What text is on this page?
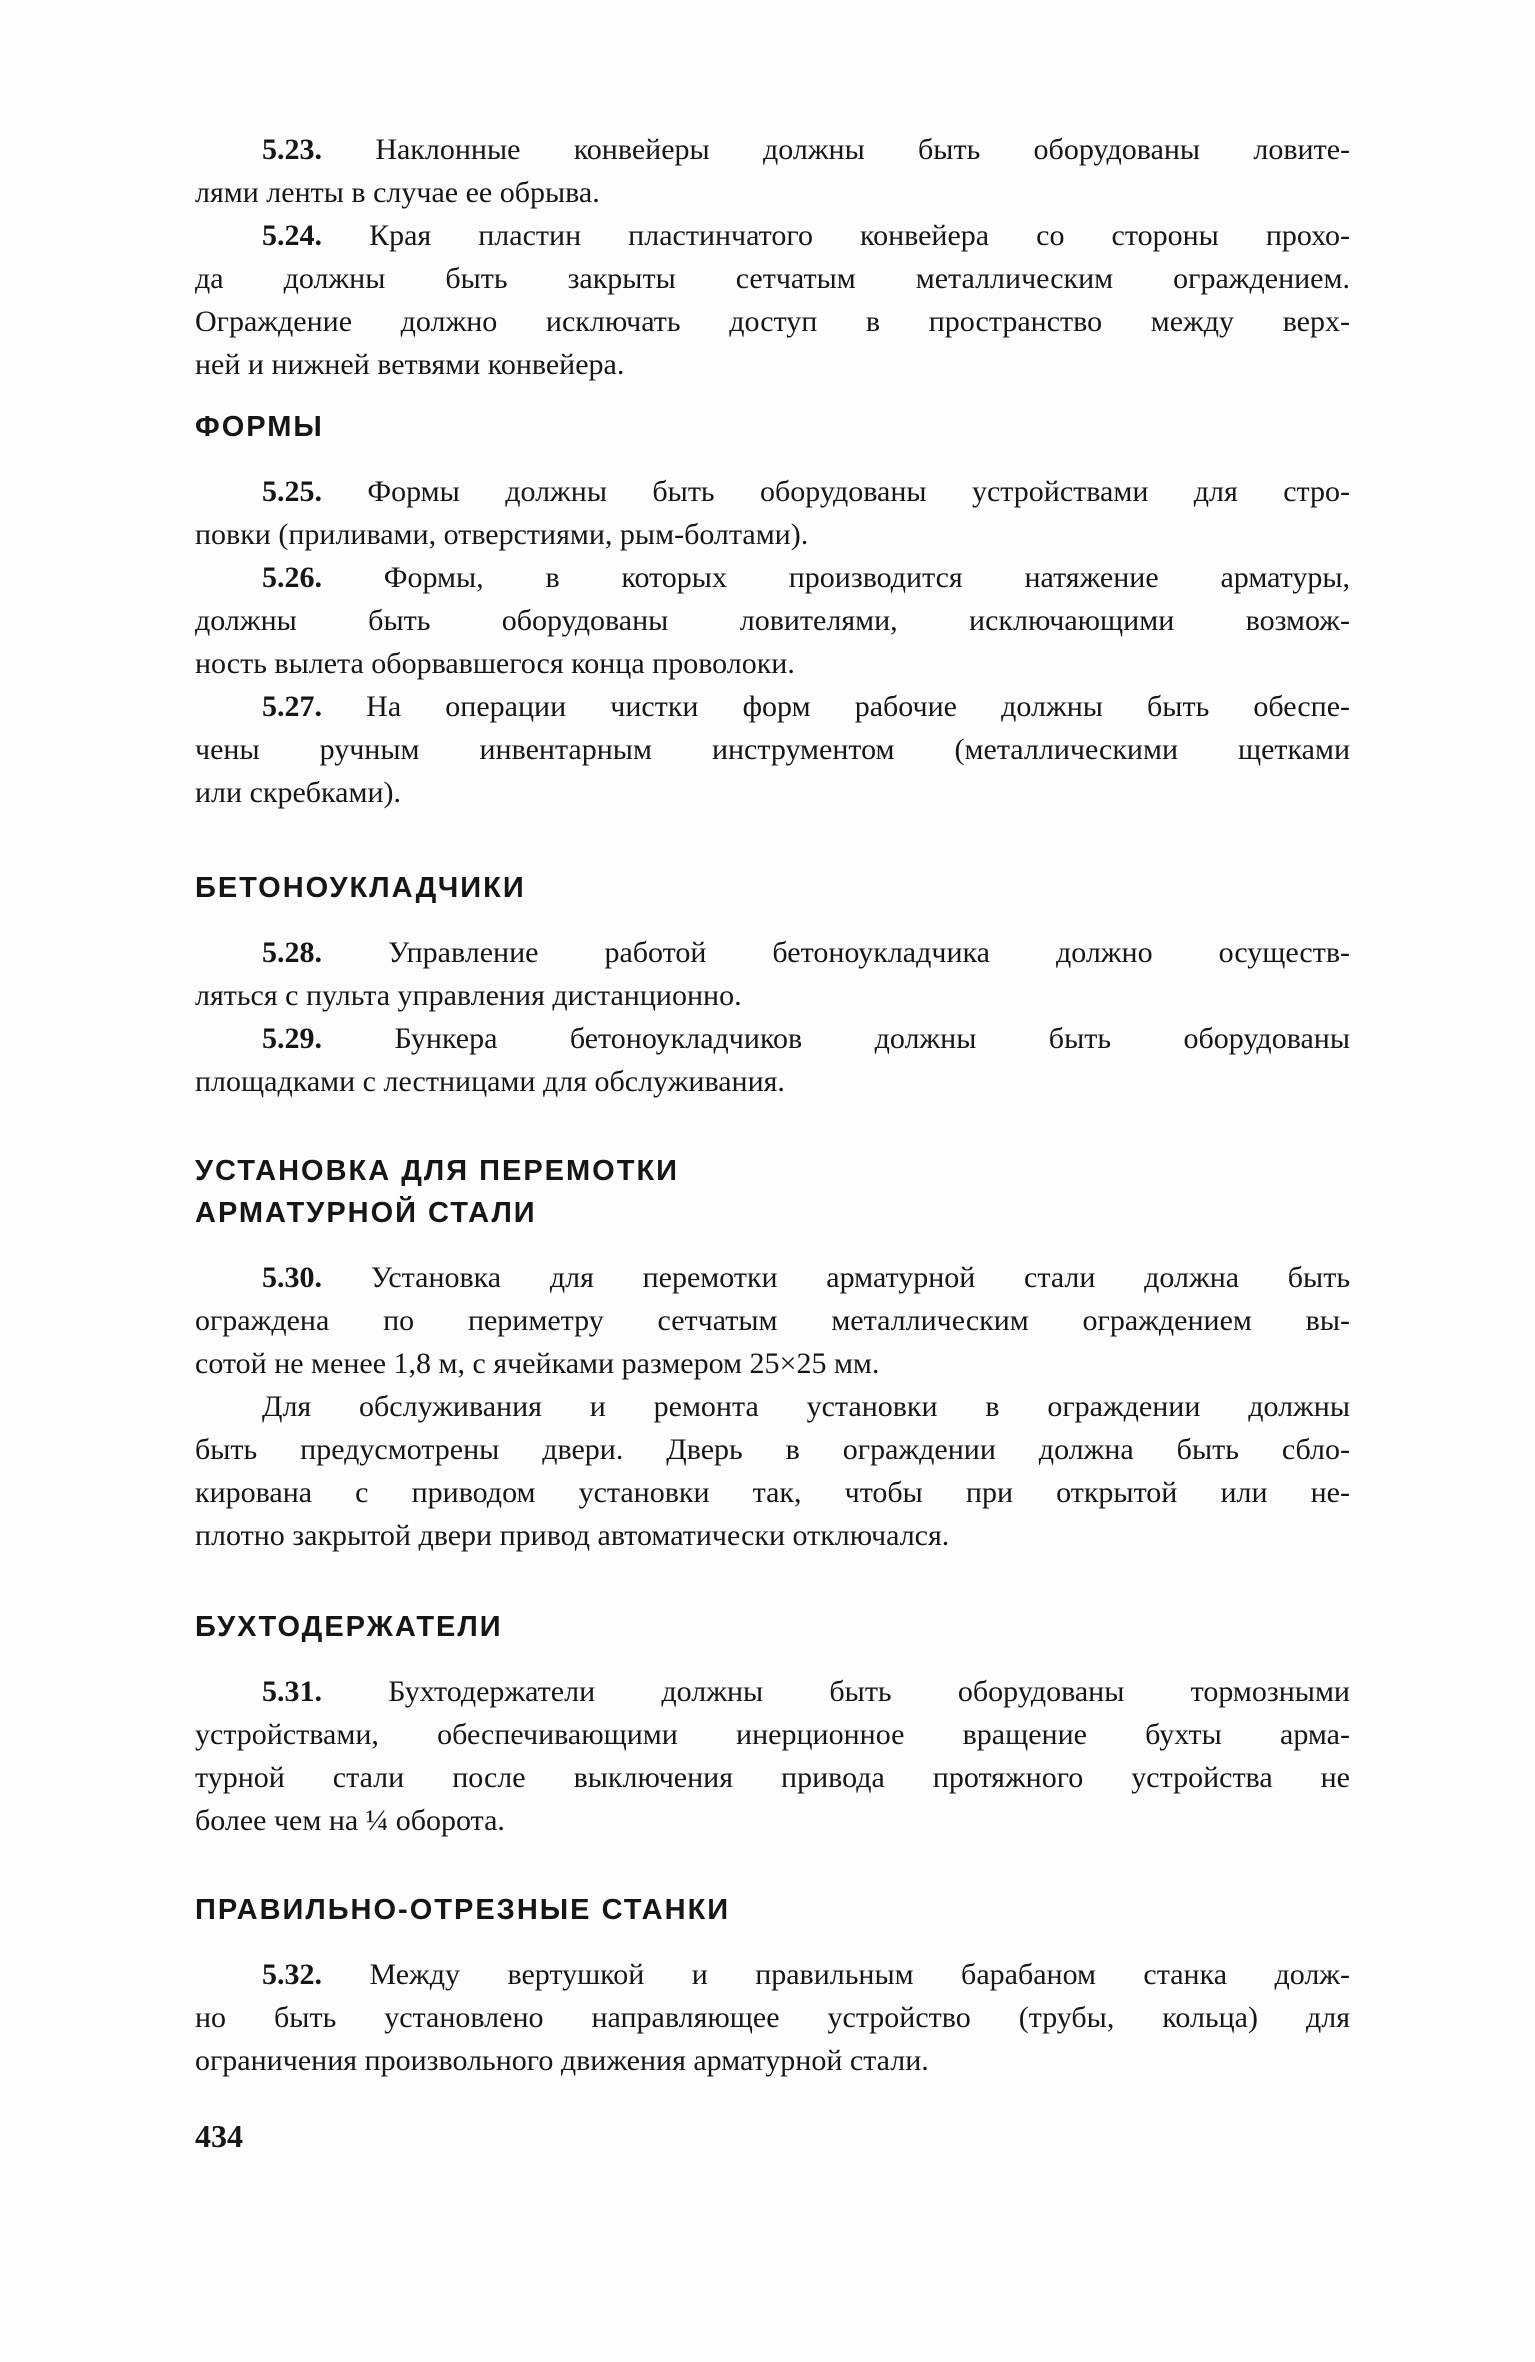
5.23. Наклонные конвейеры должны быть оборудованы ловите-
лями ленты в случае ее обрыва.
5.24. Края пластин пластинчатого конвейера со стороны прохо-
да должны быть закрыты сетчатым металлическим ограждением.
Ограждение должно исключать доступ в пространство между верх-
ней и нижней ветвями конвейера.
ФОРМЫ
5.25. Формы должны быть оборудованы устройствами для стро-
повки (приливами, отверстиями, рым-болтами).
5.26. Формы, в которых производится натяжение арматуры,
должны быть оборудованы ловителями, исключающими возмож-
ность вылета оборвавшегося конца проволоки.
5.27. На операции чистки форм рабочие должны быть обеспе-
чены ручным инвентарным инструментом (металлическими щетками
или скребками).
БЕТОНОУКЛАДЧИКИ
5.28. Управление работой бетоноукладчика должно осуществ-
ляться с пульта управления дистанционно.
5.29. Бункера бетоноукладчиков должны быть оборудованы
площадками с лестницами для обслуживания.
УСТАНОВКА ДЛЯ ПЕРЕМОТКИ
АРМАТУРНОЙ СТАЛИ
5.30. Установка для перемотки арматурной стали должна быть
ограждена по периметру сетчатым металлическим ограждением вы-
сотой не менее 1,8 м, с ячейками размером 25×25 мм.
Для обслуживания и ремонта установки в ограждении должны
быть предусмотрены двери. Дверь в ограждении должна быть сбло-
кирована с приводом установки так, чтобы при открытой или не-
плотно закрытой двери привод автоматически отключался.
БУХТОДЕРЖАТЕЛИ
5.31. Бухтодержатели должны быть оборудованы тормозными
устройствами, обеспечивающими инерционное вращение бухты арма-
турной стали после выключения привода протяжного устройства не
более чем на ¼ оборота.
ПРАВИЛЬНО-ОТРЕЗНЫЕ СТАНКИ
5.32. Между вертушкой и правильным барабаном станка долж-
но быть установлено направляющее устройство (трубы, кольца) для
ограничения произвольного движения арматурной стали.
434
